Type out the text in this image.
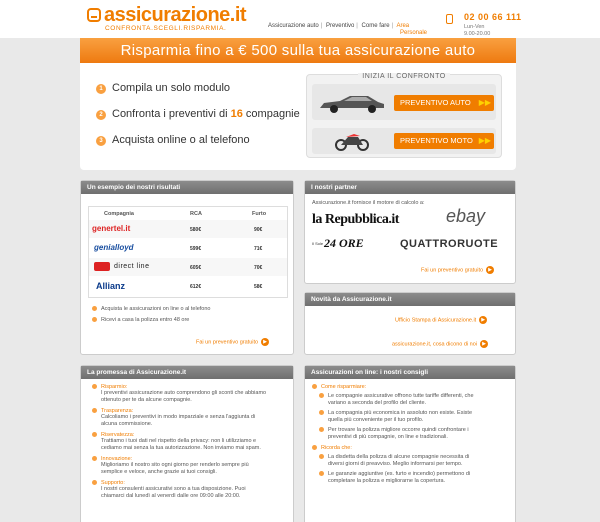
assicurazione.it
CONFRONTA.SCEGLI.RISPARMIA.	Assicurazione auto | Preventivo | Come fare | Area
Personale
02 00 66 111
Lun-Ven
9.00-20.00
Risparmia fino a € 500 sulla tua assicurazione auto
1 Compila un solo modulo
2 Confronta i preventivi di 16 compagnie
3 Acquista online o al telefono
INIZIA IL CONFRONTO
PREVENTIVO AUTO ▶▶
PREVENTIVO MOTO ▶▶
Un esempio dei nostri risultati
Compagnia	RCA	Furto
genertel.it	580€	90€
genialloyd	599€	71€
direct line	605€	70€
Allianz	612€	58€
Acquista le assicurazioni on line o al telefono
Ricevi a casa la polizza entro 48 ore
Fai un preventivo gratuito ▶
I nostri partner
Assicurazione.it fornisce il motore di calcolo a:
la Repubblica.it	ebay
Il Sole 24 ORE	QUATTRORUOTE
Fai un preventivo gratuito ▶
Novità da Assicurazione.it
Ufficio Stampa di Assicurazione.it ▶
assicurazione.it, cosa dicono di noi ▶
La promessa di Assicurazione.it
Risparmio:
I preventivi assicurazione auto comprendono gli sconti che abbiamo
ottenuto per te da alcune compagnie.
Trasparenza:
Calcoliamo i preventivi in modo imparziale e senza l'aggiunta di
alcuna commissione.
Riservatezza:
Trattiamo i tuoi dati nel rispetto della privacy: non li utilizziamo e
cediamo mai senza la tua autorizzazione. Non inviamo mai spam.
Innovazione:
Miglioriamo il nostro sito ogni giorno per renderlo sempre più
semplice e veloce, anche grazie ai tuoi consigli.
Supporto:
I nostri consulenti assicurativi sono a tua disposizione. Puoi
chiamarci dal lunedì al venerdì dalle ore 09:00 alle 20:00.
Assicurazioni on line: i nostri consigli
Come risparmiare:
Le compagnie assicurative offrono tutte tariffe differenti, che
variano a seconda del profilo del cliente.
La compagnia più economica in assoluto non esiste. Esiste
quella più conveniente per il tuo profilo.
Per trovare la polizza migliore occorre quindi confrontare i
preventivi di più compagnie, on line e tradizionali.
Ricorda che:
La disdetta della polizza di alcune compagnie necessita di
diversi giorni di preavviso. Meglio informarsi per tempo.
Le garanzie aggiuntive (es. furto e incendio) permettono di
completare la polizza e migliorarne la copertura.
